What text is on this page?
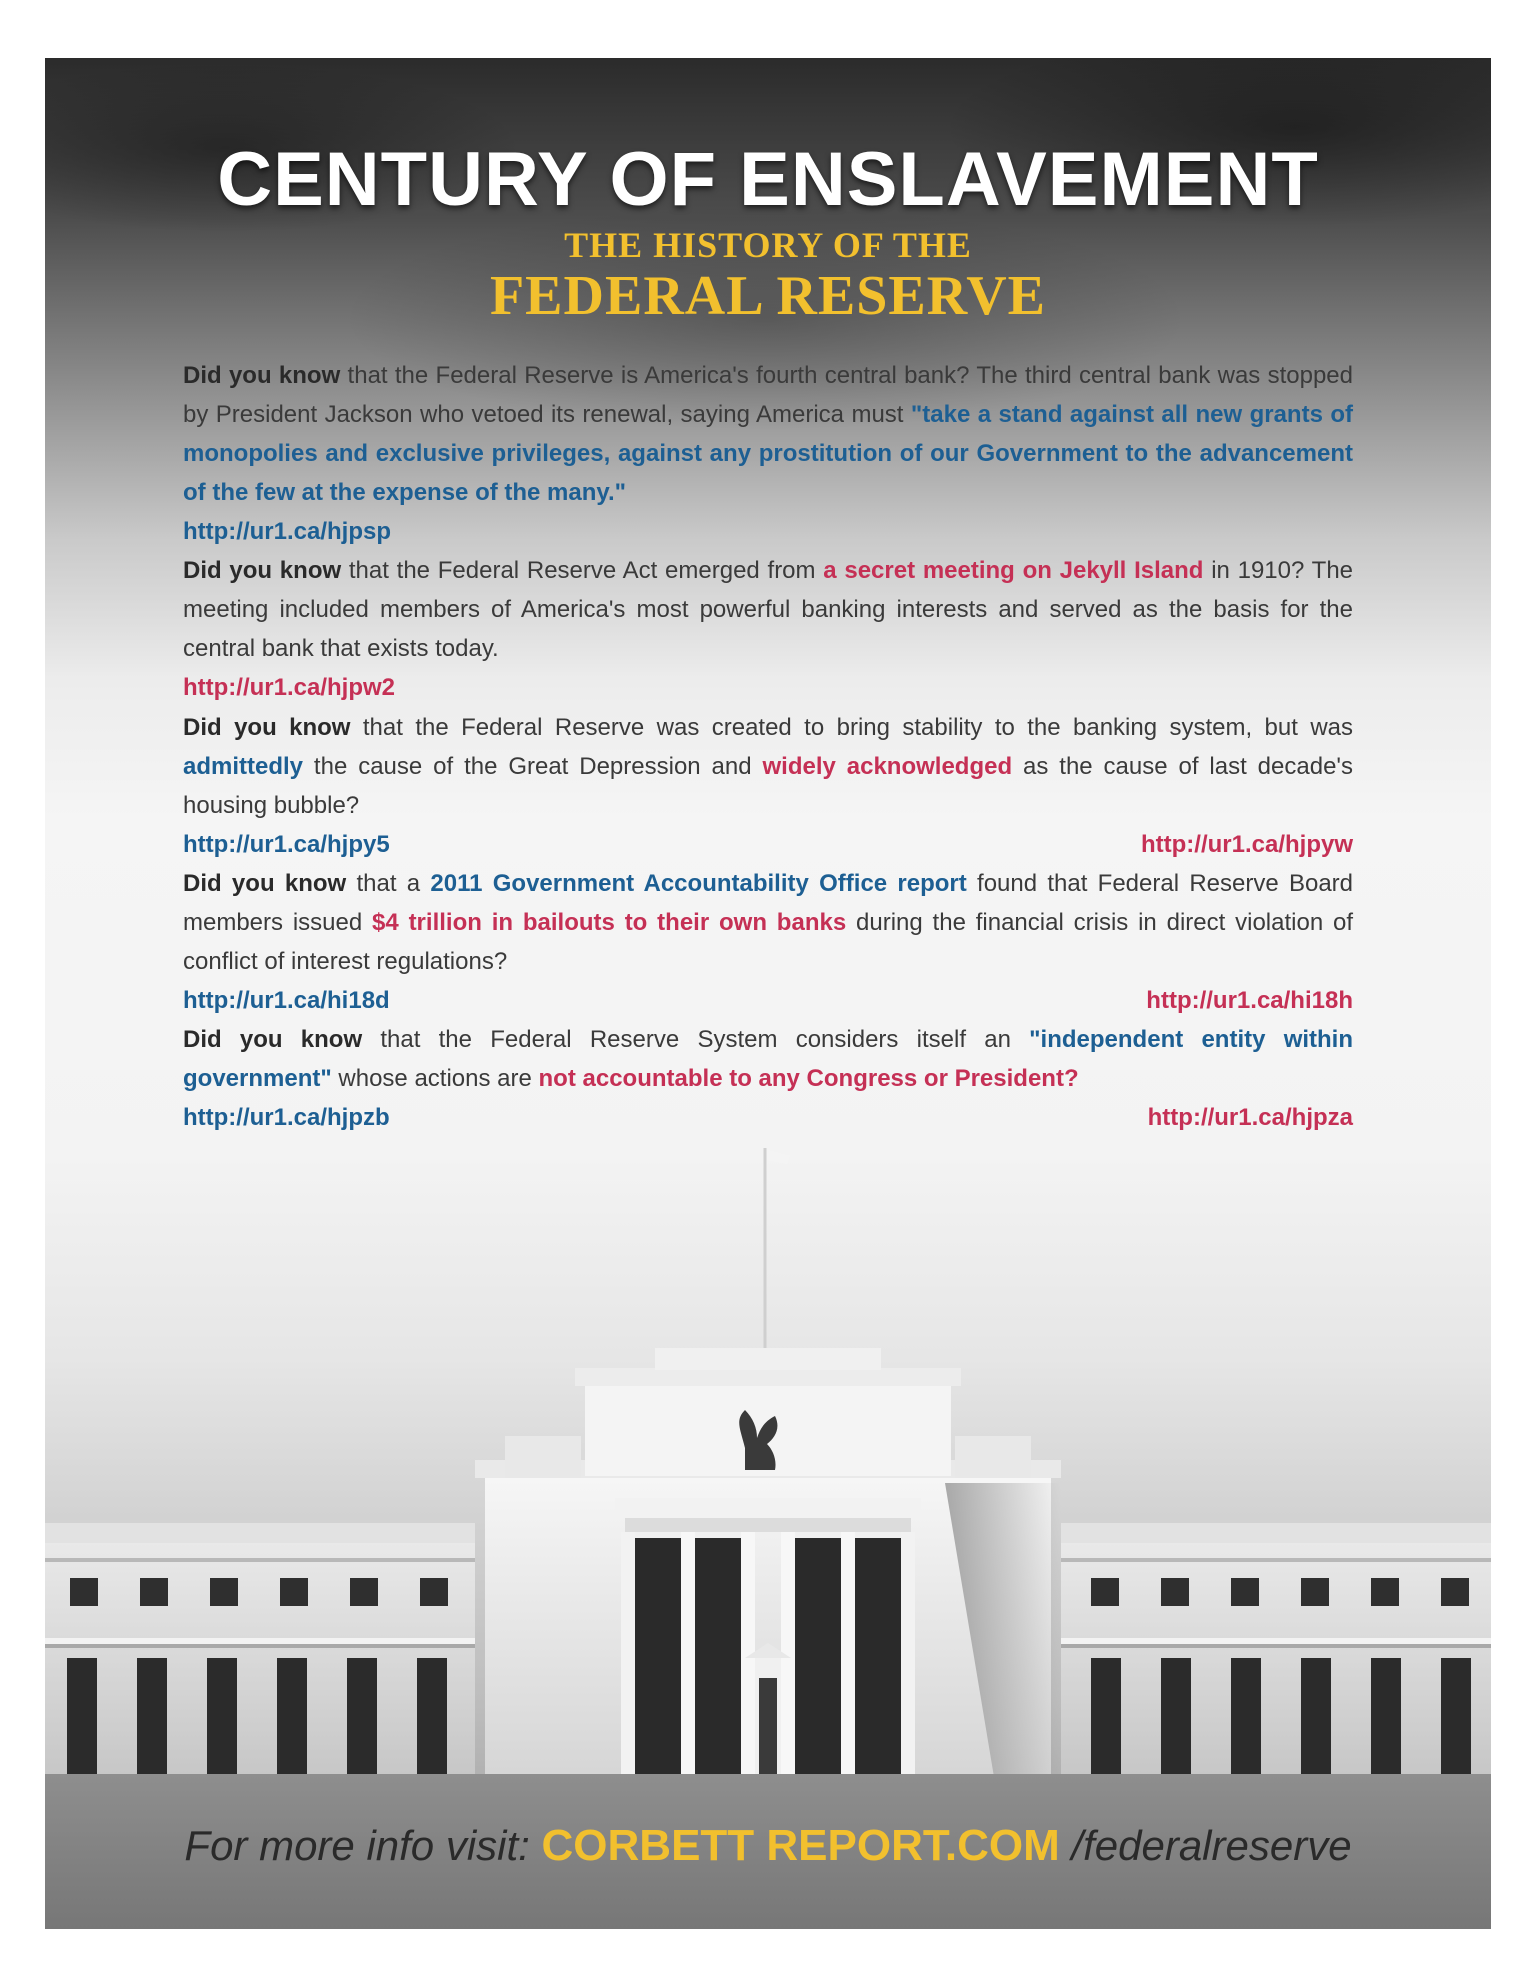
CENTURY OF ENSLAVEMENT
THE HISTORY OF THE
FEDERAL RESERVE
Did you know that the Federal Reserve is America's fourth central bank? The third central bank was stopped by President Jackson who vetoed its renewal, saying America must "take a stand against all new grants of monopolies and exclusive privileges, against any prostitution of our Government to the advancement of the few at the expense of the many."
http://ur1.ca/hjpsp
Did you know that the Federal Reserve Act emerged from a secret meeting on Jekyll Island in 1910? The meeting included members of America's most powerful banking interests and served as the basis for the central bank that exists today.
http://ur1.ca/hjpw2
Did you know that the Federal Reserve was created to bring stability to the banking system, but was admittedly the cause of the Great Depression and widely acknowledged as the cause of last decade's housing bubble?
http://ur1.ca/hjpy5	http://ur1.ca/hjpyw
Did you know that a 2011 Government Accountability Office report found that Federal Reserve Board members issued $4 trillion in bailouts to their own banks during the financial crisis in direct violation of conflict of interest regulations?
http://ur1.ca/hi18d	http://ur1.ca/hi18h
Did you know that the Federal Reserve System considers itself an "independent entity within government" whose actions are not accountable to any Congress or President?
http://ur1.ca/hjpzb	http://ur1.ca/hjpza
For more info visit: CORBETT REPORT.COM /federalreserve
